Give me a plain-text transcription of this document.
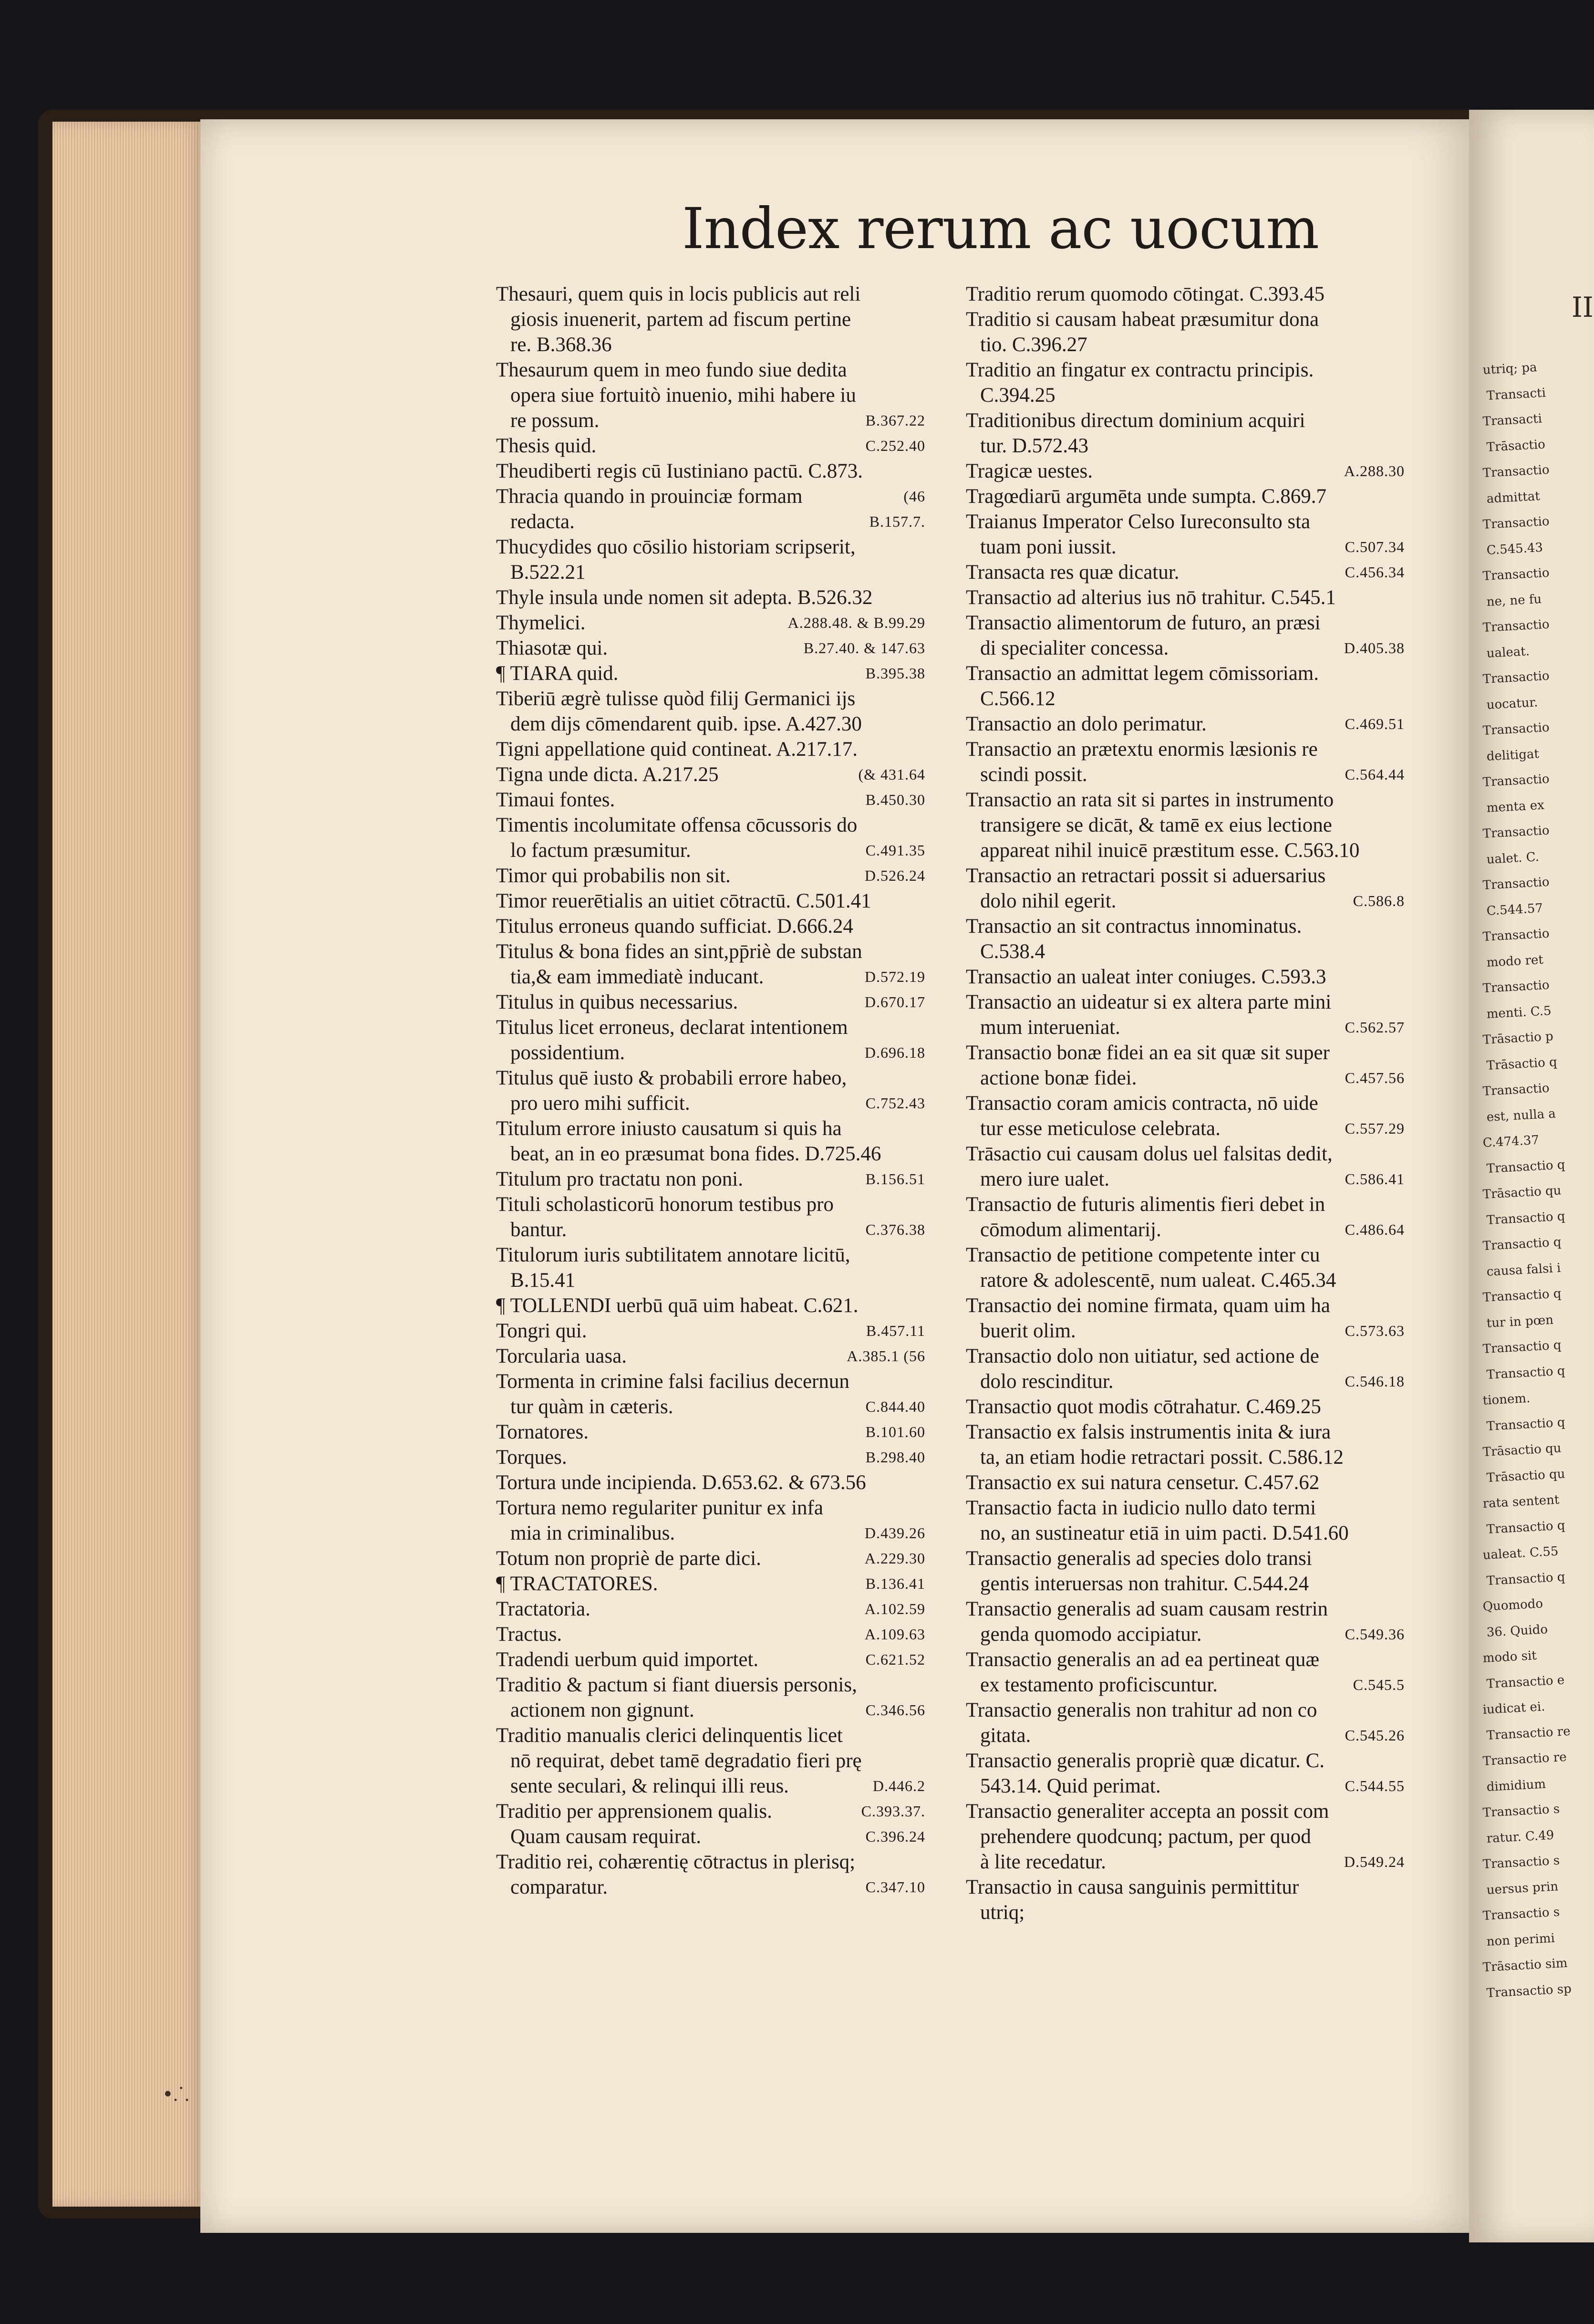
II
utriq; pa
Transacti
Transacti
Trāsactio
Transactio
admittat
Transactio
C.545.43
Transactio
ne, ne fu
Transactio
ualeat.
Transactio
uocatur.
Transactio
delitigat
Transactio
menta ex
Transactio
ualet. C.
Transactio
C.544.57
Transactio
modo ret
Transactio
menti. C.5
Trāsactio p
Trāsactio q
Transactio
est, nulla a
C.474.37
Transactio q
Trāsactio qu
Transactio q
Transactio q
causa falsi i
Transactio q
tur in pœn
Transactio q
Transactio q
tionem.
Transactio q
Trāsactio qu
Trāsactio qu
rata sentent
Transactio q
ualeat. C.55
Transactio q
Quomodo
36. Quido
modo sit
Transactio e
iudicat ei.
Transactio re
Transactio re
dimidium
Transactio s
ratur. C.49
Transactio s
uersus prin
Transactio s
non perimi
Trāsactio sim
Transactio sp
Index rerum ac uocum
Thesauri, quem quis in locis publicis aut reli
giosis inuenerit, partem ad fiscum pertine
re. B.368.36
Thesaurum quem in meo fundo siue dedita
opera siue fortuitò inuenio, mihi habere iu
B.367.22
re possum.
C.252.40
Thesis quid.
Theudiberti regis cū Iustiniano pactū. C.873.
(46
Thracia quando in prouinciæ formam
B.157.7.
redacta.
Thucydides quo cōsilio historiam scripserit,
B.522.21
Thyle insula unde nomen sit adepta. B.526.32
A.288.48. & B.99.29
Thymelici.
B.27.40. & 147.63
Thiasotæ qui.
B.395.38
¶ TIARA quid.
Tiberiū ægrè tulisse quòd filij Germanici ijs
dem dijs cōmendarent quib. ipse. A.427.30
Tigni appellatione quid contineat. A.217.17.
(& 431.64
Tigna unde dicta. A.217.25
B.450.30
Timaui fontes.
Timentis incolumitate offensa cōcussoris do
C.491.35
lo factum præsumitur.
D.526.24
Timor qui probabilis non sit.
Timor reuerētialis an uitiet cōtractū. C.501.41
Titulus erroneus quando sufficiat. D.666.24
Titulus & bona fides an sint,pp̄riè de substan
D.572.19
tia,& eam immediatè inducant.
D.670.17
Titulus in quibus necessarius.
Titulus licet erroneus, declarat intentionem
D.696.18
possidentium.
Titulus quē iusto & probabili errore habeo,
C.752.43
pro uero mihi sufficit.
Titulum errore iniusto causatum si quis ha
beat, an in eo præsumat bona fides. D.725.46
B.156.51
Titulum pro tractatu non poni.
Tituli scholasticorū honorum testibus pro
C.376.38
bantur.
Titulorum iuris subtilitatem annotare licitū,
B.15.41
¶ TOLLENDI uerbū quā uim habeat. C.621.
B.457.11
Tongri qui.
A.385.1 (56
Torcularia uasa.
Tormenta in crimine falsi facilius decernun
C.844.40
tur quàm in cæteris.
B.101.60
Tornatores.
B.298.40
Torques.
Tortura unde incipienda. D.653.62. & 673.56
Tortura nemo regulariter punitur ex infa
D.439.26
mia in criminalibus.
A.229.30
Totum non propriè de parte dici.
B.136.41
¶ TRACTATORES.
A.102.59
Tractatoria.
A.109.63
Tractus.
C.621.52
Tradendi uerbum quid importet.
Traditio & pactum si fiant diuersis personis,
C.346.56
actionem non gignunt.
Traditio manualis clerici delinquentis licet
nō requirat, debet tamē degradatio fieri prę
D.446.2
sente seculari, & relinqui illi reus.
C.393.37.
Traditio per apprensionem qualis.
C.396.24
Quam causam requirat.
Traditio rei, cohærentię cōtractus in plerisq;
C.347.10
comparatur.
Traditio rerum quomodo cōtingat. C.393.45
Traditio si causam habeat præsumitur dona
tio. C.396.27
Traditio an fingatur ex contractu principis.
C.394.25
Traditionibus directum dominium acquiri
tur. D.572.43
A.288.30
Tragicæ uestes.
Tragœdiarū argumēta unde sumpta. C.869.7
Traianus Imperator Celso Iureconsulto sta
C.507.34
tuam poni iussit.
C.456.34
Transacta res quæ dicatur.
Transactio ad alterius ius nō trahitur. C.545.1
Transactio alimentorum de futuro, an præsi
D.405.38
di specialiter concessa.
Transactio an admittat legem cōmissoriam.
C.566.12
C.469.51
Transactio an dolo perimatur.
Transactio an prætextu enormis læsionis re
C.564.44
scindi possit.
Transactio an rata sit si partes in instrumento
transigere se dicāt, & tamē ex eius lectione
appareat nihil inuicē præstitum esse. C.563.10
Transactio an retractari possit si aduersarius
C.586.8
dolo nihil egerit.
Transactio an sit contractus innominatus.
C.538.4
Transactio an ualeat inter coniuges. C.593.3
Transactio an uideatur si ex altera parte mini
C.562.57
mum interueniat.
Transactio bonæ fidei an ea sit quæ sit super
C.457.56
actione bonæ fidei.
Transactio coram amicis contracta, nō uide
C.557.29
tur esse meticulose celebrata.
Trāsactio cui causam dolus uel falsitas dedit,
C.586.41
mero iure ualet.
Transactio de futuris alimentis fieri debet in
C.486.64
cōmodum alimentarij.
Transactio de petitione competente inter cu
ratore & adolescentē, num ualeat. C.465.34
Transactio dei nomine firmata, quam uim ha
C.573.63
buerit olim.
Transactio dolo non uitiatur, sed actione de
C.546.18
dolo rescinditur.
Transactio quot modis cōtrahatur. C.469.25
Transactio ex falsis instrumentis inita & iura
ta, an etiam hodie retractari possit. C.586.12
Transactio ex sui natura censetur. C.457.62
Transactio facta in iudicio nullo dato termi
no, an sustineatur etiā in uim pacti. D.541.60
Transactio generalis ad species dolo transi
gentis interuersas non trahitur. C.544.24
Transactio generalis ad suam causam restrin
C.549.36
genda quomodo accipiatur.
Transactio generalis an ad ea pertineat quæ
C.545.5
ex testamento proficiscuntur.
Transactio generalis non trahitur ad non co
C.545.26
gitata.
Transactio generalis propriè quæ dicatur. C.
C.544.55
543.14. Quid perimat.
Transactio generaliter accepta an possit com
prehendere quodcunq; pactum, per quod
D.549.24
à lite recedatur.
Transactio in causa sanguinis permittitur
utriq;
•⸫
